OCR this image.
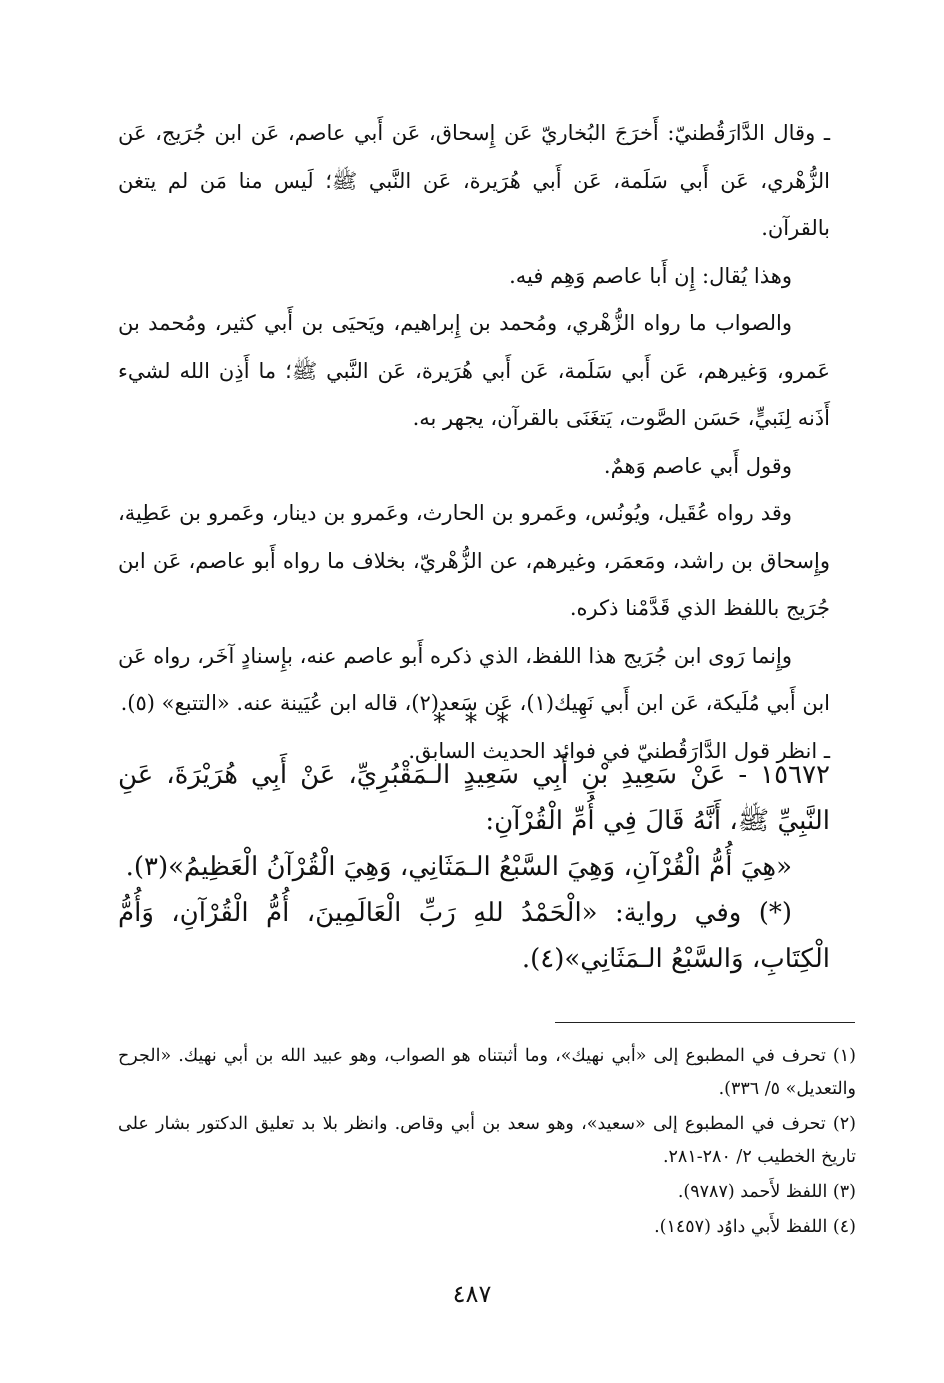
ـ وقال الدَّارَقُطنيّ: أَخرَجَ البُخاريّ عَن إِسحاق، عَن أَبي عاصم، عَن ابن جُرَيج، عَن الزُّهْري، عَن أَبي سَلَمة، عَن أَبي هُرَيرة، عَن النَّبي ﷺ؛ لَيس منا مَن لم يتغن بالقرآن.

وهذا يُقال: إِن أَبا عاصم وَهِم فيه.

والصواب ما رواه الزُّهْري، ومُحمد بن إِبراهيم، ويَحيَى بن أَبي كثير، ومُحمد بن عَمرو، وَغيرهم، عَن أَبي سَلَمة، عَن أَبي هُرَيرة، عَن النَّبي ﷺ؛ ما أَذِن الله لشيء أَذَنه لِنَبيٍّ، حَسَن الصَّوت، يَتغَنَى بالقرآن، يجهر به.

وقول أَبي عاصم وَهمٌ.

وقد رواه عُقَيل، ويُونُس، وعَمرو بن الحارث، وعَمرو بن دينار، وعَمرو بن عَطِية، وإِسحاق بن راشد، ومَعمَر، وغيرهم، عن الزُّهْريّ، بخلاف ما رواه أَبو عاصم، عَن ابن جُرَيج باللفظ الذي قَدَّمْنا ذكره.

وإِنما رَوى ابن جُرَيج هذا اللفظ، الذي ذكره أَبو عاصم عنه، بإِسنادٍ آخَر، رواه عَن ابن أَبي مُلَيكة، عَن ابن أَبي نَهِيك(١)، عَن سَعد(٢)، قاله ابن عُيَينة عنه. «التتبع» (٥).

ـ انظر قول الدَّارَقُطنيّ في فوائد الحديث السابق.

* * *

١٥٦٧٢ - عَنْ سَعِيدِ بْنِ أَبِي سَعِيدٍ الـمَقْبُرِيِّ، عَنْ أَبِي هُرَيْرَةَ، عَنِ النَّبِيِّ ﷺ، أَنَّهُ قَالَ فِي أُمِّ الْقُرْآنِ:

«هِيَ أُمُّ الْقُرْآنِ، وَهِيَ السَّبْعُ الـمَثَانِي، وَهِيَ الْقُرْآنُ الْعَظِيمُ»(٣).

(*) وفي رواية: «الْحَمْدُ للهِ رَبِّ الْعَالَمِينَ، أُمُّ الْقُرْآنِ، وَأُمُّ الْكِتَابِ، وَالسَّبْعُ الـمَثَانِي»(٤).

(١) تحرف في المطبوع إلى «أبي نهيك»، وما أثبتناه هو الصواب، وهو عبيد الله بن أبي نهيك. «الجرح والتعديل» ٥/ ٣٣٦).

(٢) تحرف في المطبوع إلى «سعيد»، وهو سعد بن أبي وقاص. وانظر بلا بد تعليق الدكتور بشار على تاريخ الخطيب ٢/ ٢٨٠-٢٨١.

(٣) اللفظ لأَحمد (٩٧٨٧).

(٤) اللفظ لأَبي داوُد (١٤٥٧).

٤٨٧
